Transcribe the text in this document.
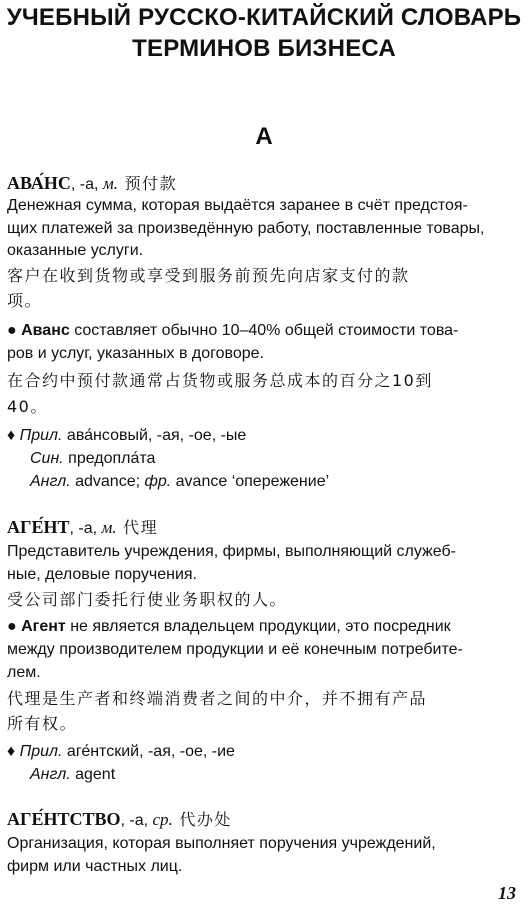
УЧЕБНЫЙ РУССКО-КИТАЙСКИЙ СЛОВАРЬ
ТЕРМИНОВ БИЗНЕСА
А
АВА́НС, -а, м. 预付款
Денежная сумма, которая выдаётся заранее в счёт предстоя-
щих платежей за произведённую работу, поставленные товары,
оказанные услуги.
客户在收到货物或享受到服务前预先向店家支付的款
项。
● Аванс составляет обычно 10–40% общей стоимости това-
ров и услуг, указанных в договоре.
在合约中预付款通常占货物或服务总成本的百分之10到
40。
♦ Прил. ава́нсовый, -ая, -ое, -ые
Син. предопла́та
Англ. advance; фр. avance ‘опережение’
АГЕ́НТ, -а, м. 代理
Представитель учреждения, фирмы, выполняющий служеб-
ные, деловые поручения.
受公司部门委托行使业务职权的人。
● Агент не является владельцем продукции, это посредник
между производителем продукции и её конечным потребите-
лем.
代理是生产者和终端消费者之间的中介，并不拥有产品
所有权。
♦ Прил. аге́нтский, -ая, -ое, -ие
Англ. agent
АГЕ́НТСТВО, -а, ср. 代办处
Организация, которая выполняет поручения учреждений,
фирм или частных лиц.
13
